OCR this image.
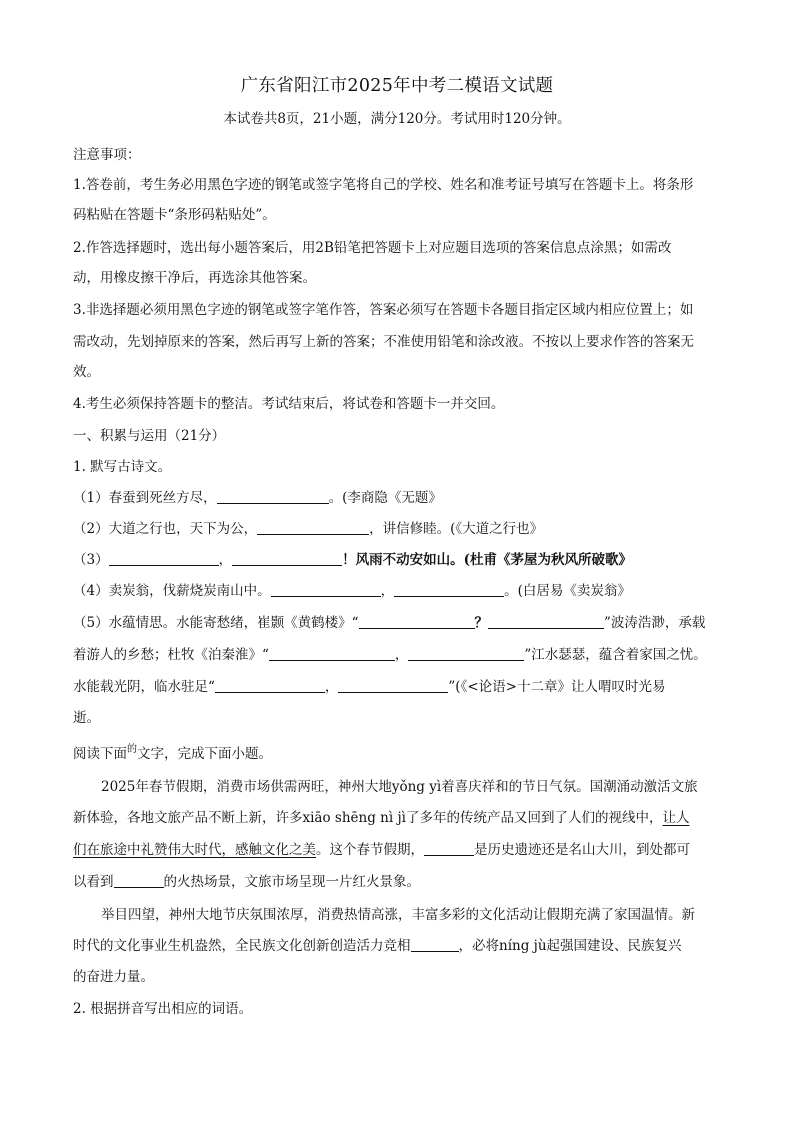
广东省阳江市2025年中考二模语文试题
本试卷共8页，21小题，满分120分。考试用时120分钟。
注意事项：
1.答卷前，考生务必用黑色字迹的钢笔或签字笔将自己的学校、姓名和准考证号填写在答题卡上。将条形
码粘贴在答题卡“条形码粘贴处”。
2.作答选择题时，选出每小题答案后，用2B铅笔把答题卡上对应题目选项的答案信息点涂黑；如需改
动，用橡皮擦干净后，再选涂其他答案。
3.非选择题必须用黑色字迹的钢笔或签字笔作答，答案必须写在答题卡各题目指定区域内相应位置上；如
需改动，先划掉原来的答案，然后再写上新的答案；不准使用铅笔和涂改液。不按以上要求作答的答案无
效。
4.考生必须保持答题卡的整洁。考试结束后，将试卷和答题卡一并交回。
一、积累与运用（21分）
1. 默写古诗文。
（1）春蚕到死丝方尽，	。(李商隐《无题》
（2）大道之行也，天下为公，	，讲信修睦。(《大道之行也》
（3）	，	！风雨不动安如山。(杜甫《茅屋为秋风所破歌》
（4）卖炭翁，伐薪烧炭南山中。	，	。(白居易《卖炭翁》
（5）水蕴情思。水能寄愁绪，崔颢《黄鹤楼》“	？	”波涛浩渺，承载
着游人的乡愁；杜牧《泊秦淮》“	，	”江水瑟瑟，蕴含着家国之忧。
水能载光阴，临水驻足“	，	”(《<论语>十二章》让人喟叹时光易
逝。
阅读下面$^的$文字，完成下面小题。
2025年春节假期，消费市场供需两旺，神州大地yǒng yì着喜庆祥和的节日气氛。国潮涌动激活文旅
新体验，各地文旅产品不断上新，许多xiāo shēng nì jì了多年的传统产品又回到了人们的视线中，让人
们在旅途中礼赞伟大时代，感触文化之美。这个春节假期，	是历史遗迹还是名山大川，到处都可
以看到	的火热场景，文旅市场呈现一片红火景象。
举目四望，神州大地节庆氛围浓厚，消费热情高涨，丰富多彩的文化活动让假期充满了家国温情。新
时代的文化事业生机盎然，全民族文化创新创造活力竞相	，必将níng jù起强国建设、民族复兴
的奋进力量。
2. 根据拼音写出相应的词语。
